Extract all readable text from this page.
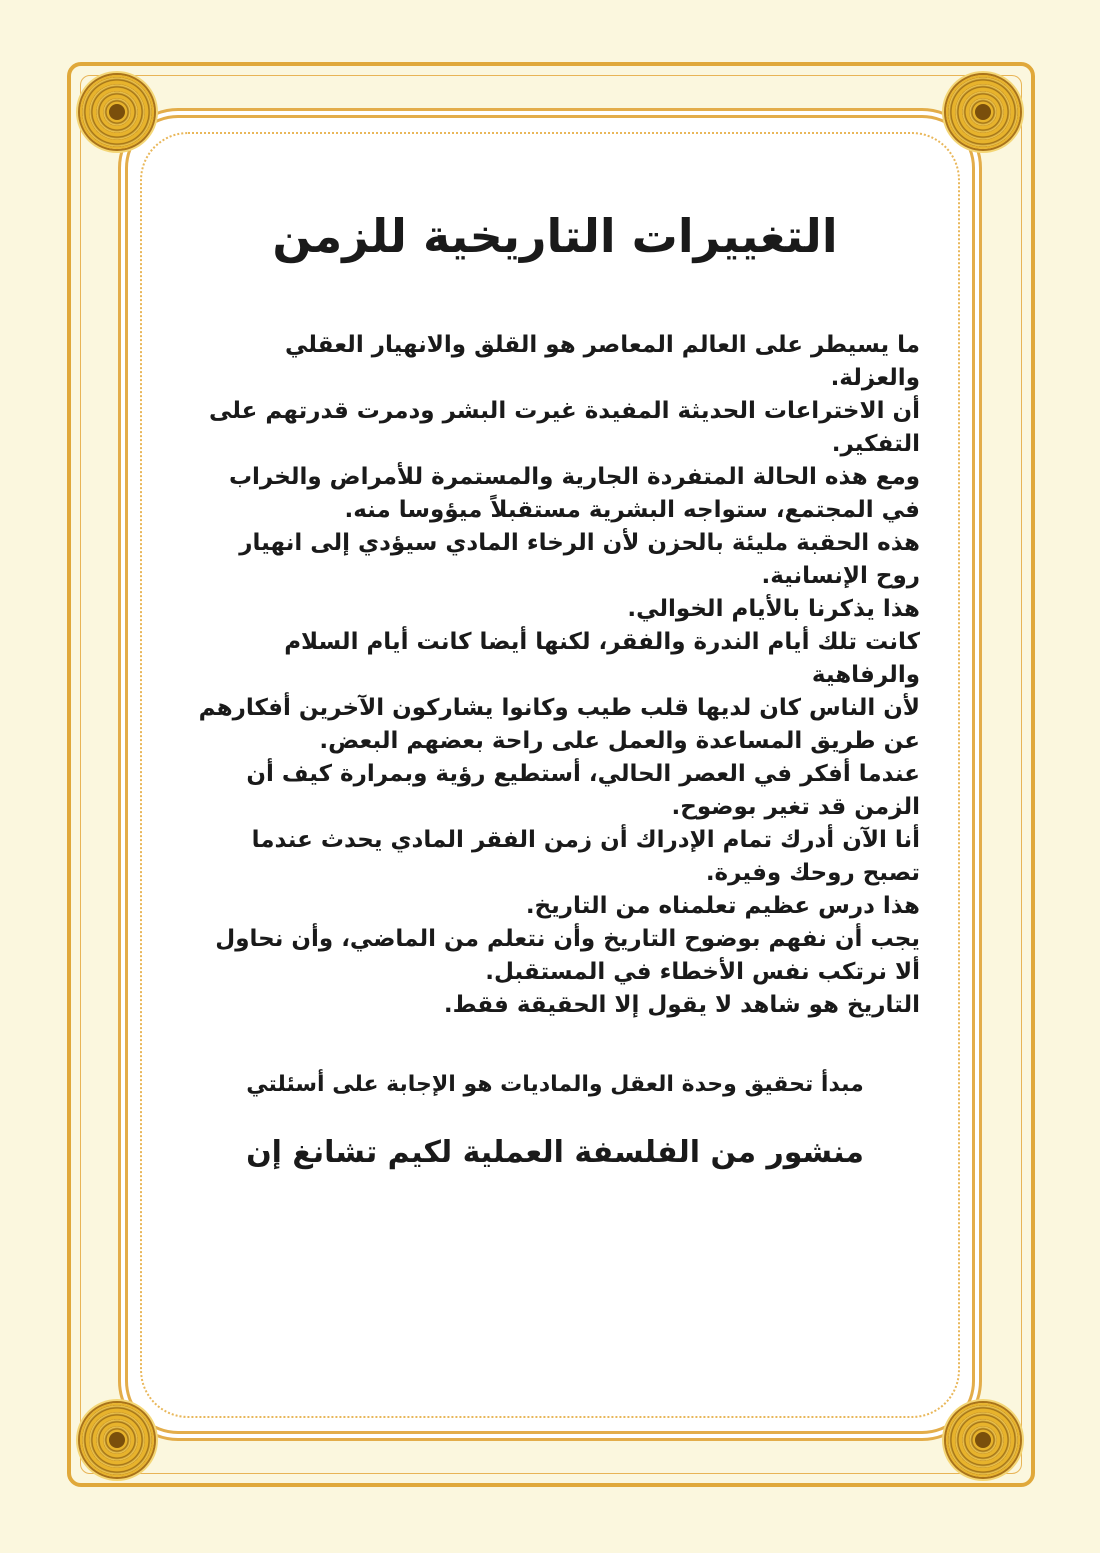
التغييرات التاريخية للزمن

ما يسيطر على العالم المعاصر هو القلق والانهيار العقلي والعزلة.

أن الاختراعات الحديثة المفيدة غيرت البشر ودمرت قدرتهم على التفكير.

ومع هذه الحالة المتفردة الجارية والمستمرة للأمراض والخراب في المجتمع، ستواجه البشرية مستقبلاً ميؤوسا منه.

هذه الحقبة مليئة بالحزن لأن الرخاء المادي سيؤدي إلى انهيار روح الإنسانية.

هذا يذكرنا بالأيام الخوالي.

كانت تلك أيام الندرة والفقر، لكنها أيضا كانت أيام السلام والرفاهية

لأن الناس كان لديها قلب طيب وكانوا يشاركون الآخرين أفكارهم عن طريق المساعدة والعمل على راحة بعضهم البعض.

عندما أفكر في العصر الحالي، أستطيع رؤية وبمرارة كيف أن الزمن قد تغير بوضوح.

أنا الآن أدرك تمام الإدراك أن زمن الفقر المادي يحدث عندما تصبح روحك وفيرة.

هذا درس عظيم تعلمناه من التاريخ.

يجب أن نفهم بوضوح التاريخ وأن نتعلم من الماضي، وأن نحاول ألا نرتكب نفس الأخطاء في المستقبل.

التاريخ هو شاهد لا يقول إلا الحقيقة فقط.

مبدأ تحقيق وحدة العقل والماديات هو الإجابة على أسئلتي
منشور من الفلسفة العملية لكيم تشانغ إن
